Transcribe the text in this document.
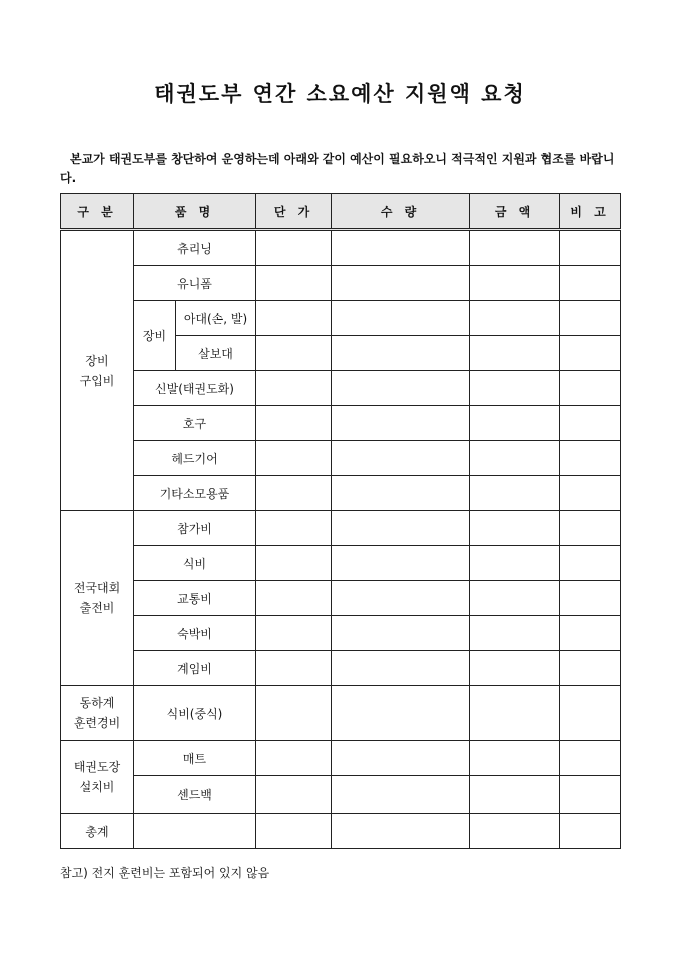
태권도부 연간 소요예산 지원액 요청
본교가 태권도부를 창단하여 운영하는데 아래와 같이 예산이 필요하오니 적극적인 지원과 협조를 바랍니다.
구 분	품 명		단 가	수 량	금 액	비 고

장비
구입비	츄리닝					
	유니폼					
	장비	아대(손, 발)				
		살보대				
	신발(태권도화)					
	호구					
	헤드기어					
	기타소모용품					

전국대회
출전비	참가비					
	식비					
	교통비					
	숙박비					
	계임비					

동하계
훈련경비	식비(중식)					

태권도장
설치비	매트					
	센드백					
총계						
참고) 전지 훈련비는 포함되어 있지 않음
